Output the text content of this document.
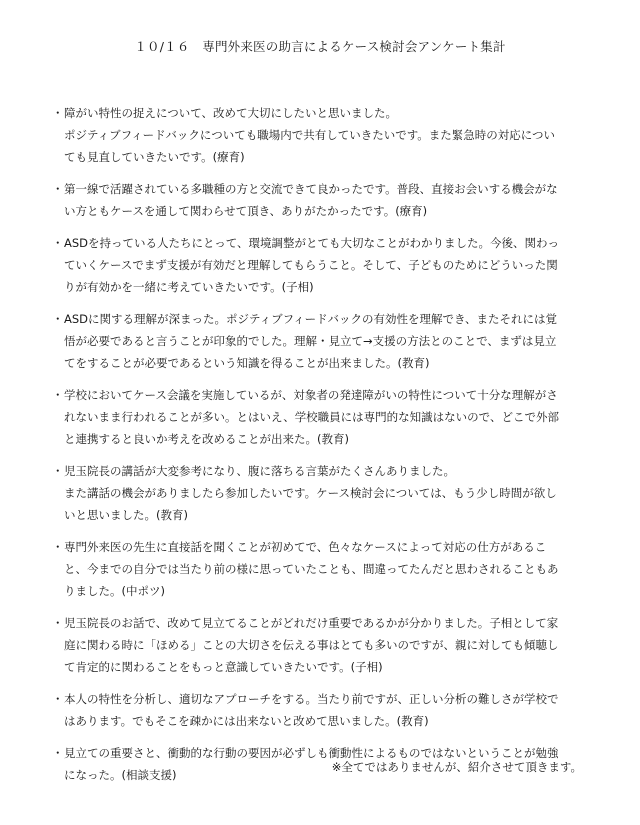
１０/１６　専門外来医の助言によるケース検討会アンケート集計
・ 障がい特性の捉えについて、改めて大切にしたいと思いました。
ポジティブフィードバックについても職場内で共有していきたいです。また緊急時の対応につい
ても見直していきたいです。(療育)
・ 第一線で活躍されている多職種の方と交流できて良かったです。普段、直接お会いする機会がな
い方ともケースを通して関わらせて頂き、ありがたかったです。(療育)
・ ASDを持っている人たちにとって、環境調整がとても大切なことがわかりました。今後、関わっ
ていくケースでまず支援が有効だと理解してもらうこと。そして、子どものためにどういった関
りが有効かを一緒に考えていきたいです。(子相)
・ ASDに関する理解が深まった。ポジティブフィードバックの有効性を理解でき、またそれには覚
悟が必要であると言うことが印象的でした。理解・見立て→支援の方法とのことで、まずは見立
てをすることが必要であるという知識を得ることが出来ました。(教育)
・ 学校においてケース会議を実施しているが、対象者の発達障がいの特性について十分な理解がさ
れないまま行われることが多い。とはいえ、学校職員には専門的な知識はないので、どこで外部
と連携すると良いか考えを改めることが出来た。(教育)
・ 児玉院長の講話が大変参考になり、腹に落ちる言葉がたくさんありました。
また講話の機会がありましたら参加したいです。ケース検討会については、もう少し時間が欲し
いと思いました。(教育)
・ 専門外来医の先生に直接話を聞くことが初めてで、色々なケースによって対応の仕方があるこ
と、今までの自分では当たり前の様に思っていたことも、間違ってたんだと思わされることもあ
りました。(中ポツ)
・ 児玉院長のお話で、改めて見立てることがどれだけ重要であるかが分かりました。子相として家
庭に関わる時に「ほめる」ことの大切さを伝える事はとても多いのですが、親に対しても傾聴し
て肯定的に関わることをもっと意識していきたいです。(子相)
・ 本人の特性を分析し、適切なアプローチをする。当たり前ですが、正しい分析の難しさが学校で
はあります。でもそこを疎かには出来ないと改めて思いました。(教育)
・ 見立ての重要さと、衝動的な行動の要因が必ずしも衝動性によるものではないということが勉強
になった。(相談支援)
※全てではありませんが、紹介させて頂きます。
